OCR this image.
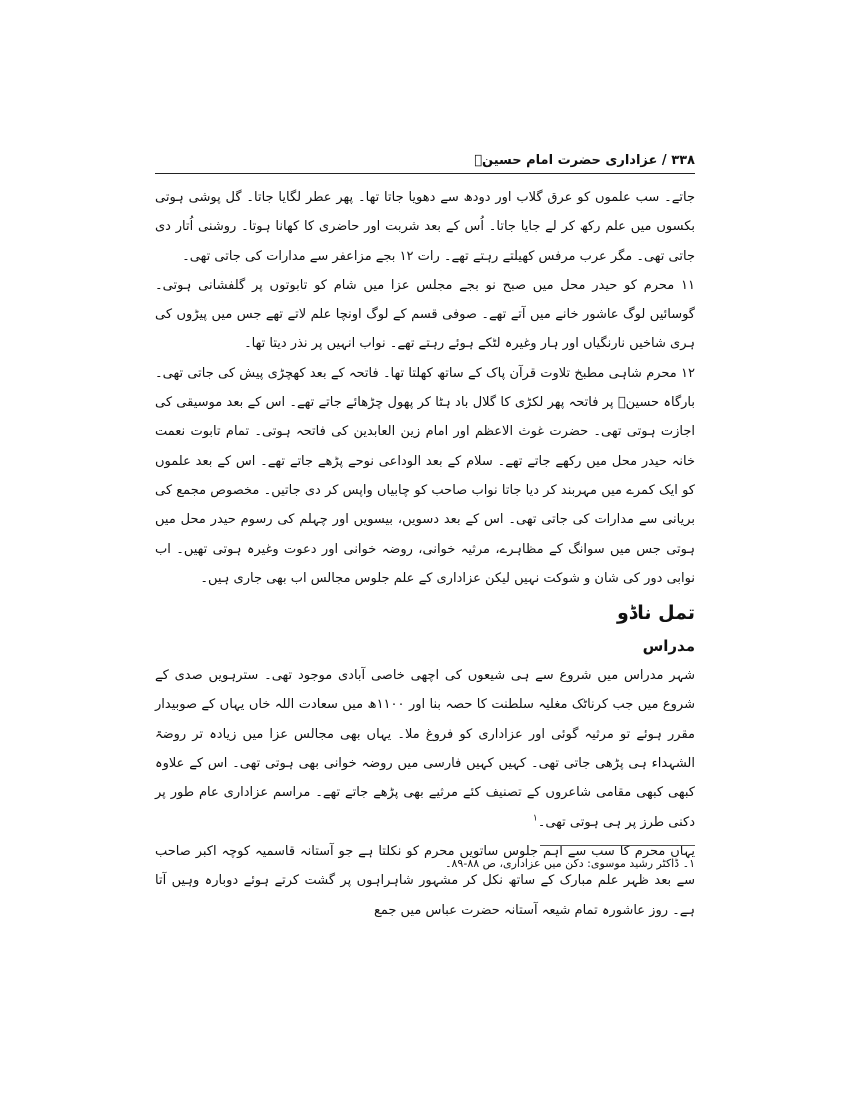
۳۳۸ / عزاداری حضرت امام حسینؑ

جاتے۔ سب علموں کو عرق گلاب اور دودھ سے دھویا جاتا تھا۔ پھر عطر لگایا جاتا۔ گل پوشی ہوتی بکسوں میں علم رکھ کر لے جایا جاتا۔ اُس کے بعد شربت اور حاضری کا کھانا ہوتا۔ روشنی اُتار دی جاتی تھی۔ مگر عرب مرفس کھیلتے رہتے تھے۔ رات ۱۲ بجے مزاعفر سے مدارات کی جاتی تھی۔

۱۱ محرم کو حیدر محل میں صبح نو بجے مجلس عزا میں شام کو تابوتوں پر گلفشانی ہوتی۔ گوسائیں لوگ عاشور خانے میں آتے تھے۔ صوفی قسم کے لوگ اونچا علم لاتے تھے جس میں پیڑوں کی ہری شاخیں نارنگیاں اور ہار وغیرہ لٹکے ہوئے رہتے تھے۔ نواب انہیں پر نذر دیتا تھا۔

۱۲ محرم شاہی مطبخ تلاوت قرآن پاک کے ساتھ کھلتا تھا۔ فاتحہ کے بعد کھچڑی پیش کی جاتی تھی۔ بارگاہ حسینؑ پر فاتحہ پھر لکڑی کا گلال باد ہٹا کر پھول چڑھائے جاتے تھے۔ اس کے بعد موسیقی کی اجازت ہوتی تھی۔ حضرت غوث الاعظم اور امام زین العابدین کی فاتحہ ہوتی۔ تمام تابوت نعمت خانہ حیدر محل میں رکھے جاتے تھے۔ سلام کے بعد الوداعی نوحے پڑھے جاتے تھے۔ اس کے بعد علموں کو ایک کمرے میں مہربند کر دیا جاتا نواب صاحب کو چابیاں واپس کر دی جاتیں۔ مخصوص مجمع کی بریانی سے مدارات کی جاتی تھی۔ اس کے بعد دسویں، بیسویں اور چہلم کی رسوم حیدر محل میں ہوتی جس میں سوانگ کے مظاہرے، مرثیہ خوانی، روضہ خوانی اور دعوت وغیرہ ہوتی تھیں۔ اب نوابی دور کی شان و شوکت نہیں لیکن عزاداری کے علم جلوس مجالس اب بھی جاری ہیں۔

تمل ناڈو
مدراس

شہر مدراس میں شروع سے ہی شیعوں کی اچھی خاصی آبادی موجود تھی۔ سترہویں صدی کے شروع میں جب کرناٹک مغلیہ سلطنت کا حصہ بنا اور ۱۱۰۰ھ میں سعادت اللہ خاں یہاں کے صوبیدار مقرر ہوئے تو مرثیہ گوئی اور عزاداری کو فروغ ملا۔ یہاں بھی مجالس عزا میں زیادہ تر روضۃ الشہداء ہی پڑھی جاتی تھی۔ کہیں کہیں فارسی میں روضہ خوانی بھی ہوتی تھی۔ اس کے علاوہ کبھی کبھی مقامی شاعروں کے تصنیف کئے مرثیے بھی پڑھے جاتے تھے۔ مراسم عزاداری عام طور پر دکنی طرز پر ہی ہوتی تھی۔$^۱$

یہاں محرم کا سب سے اہم جلوس ساتویں محرم کو نکلتا ہے جو آستانہ قاسمیہ کوچہ اکبر صاحب سے بعد ظہر علم مبارک کے ساتھ نکل کر مشہور شاہراہوں پر گشت کرتے ہوئے دوبارہ وہیں آتا ہے۔ روز عاشورہ تمام شیعہ آستانہ حضرت عباس میں جمع

۱۔ ڈاکٹر رشید موسوی: دکن میں عزاداری، ص ۸۸-۸۹۔
